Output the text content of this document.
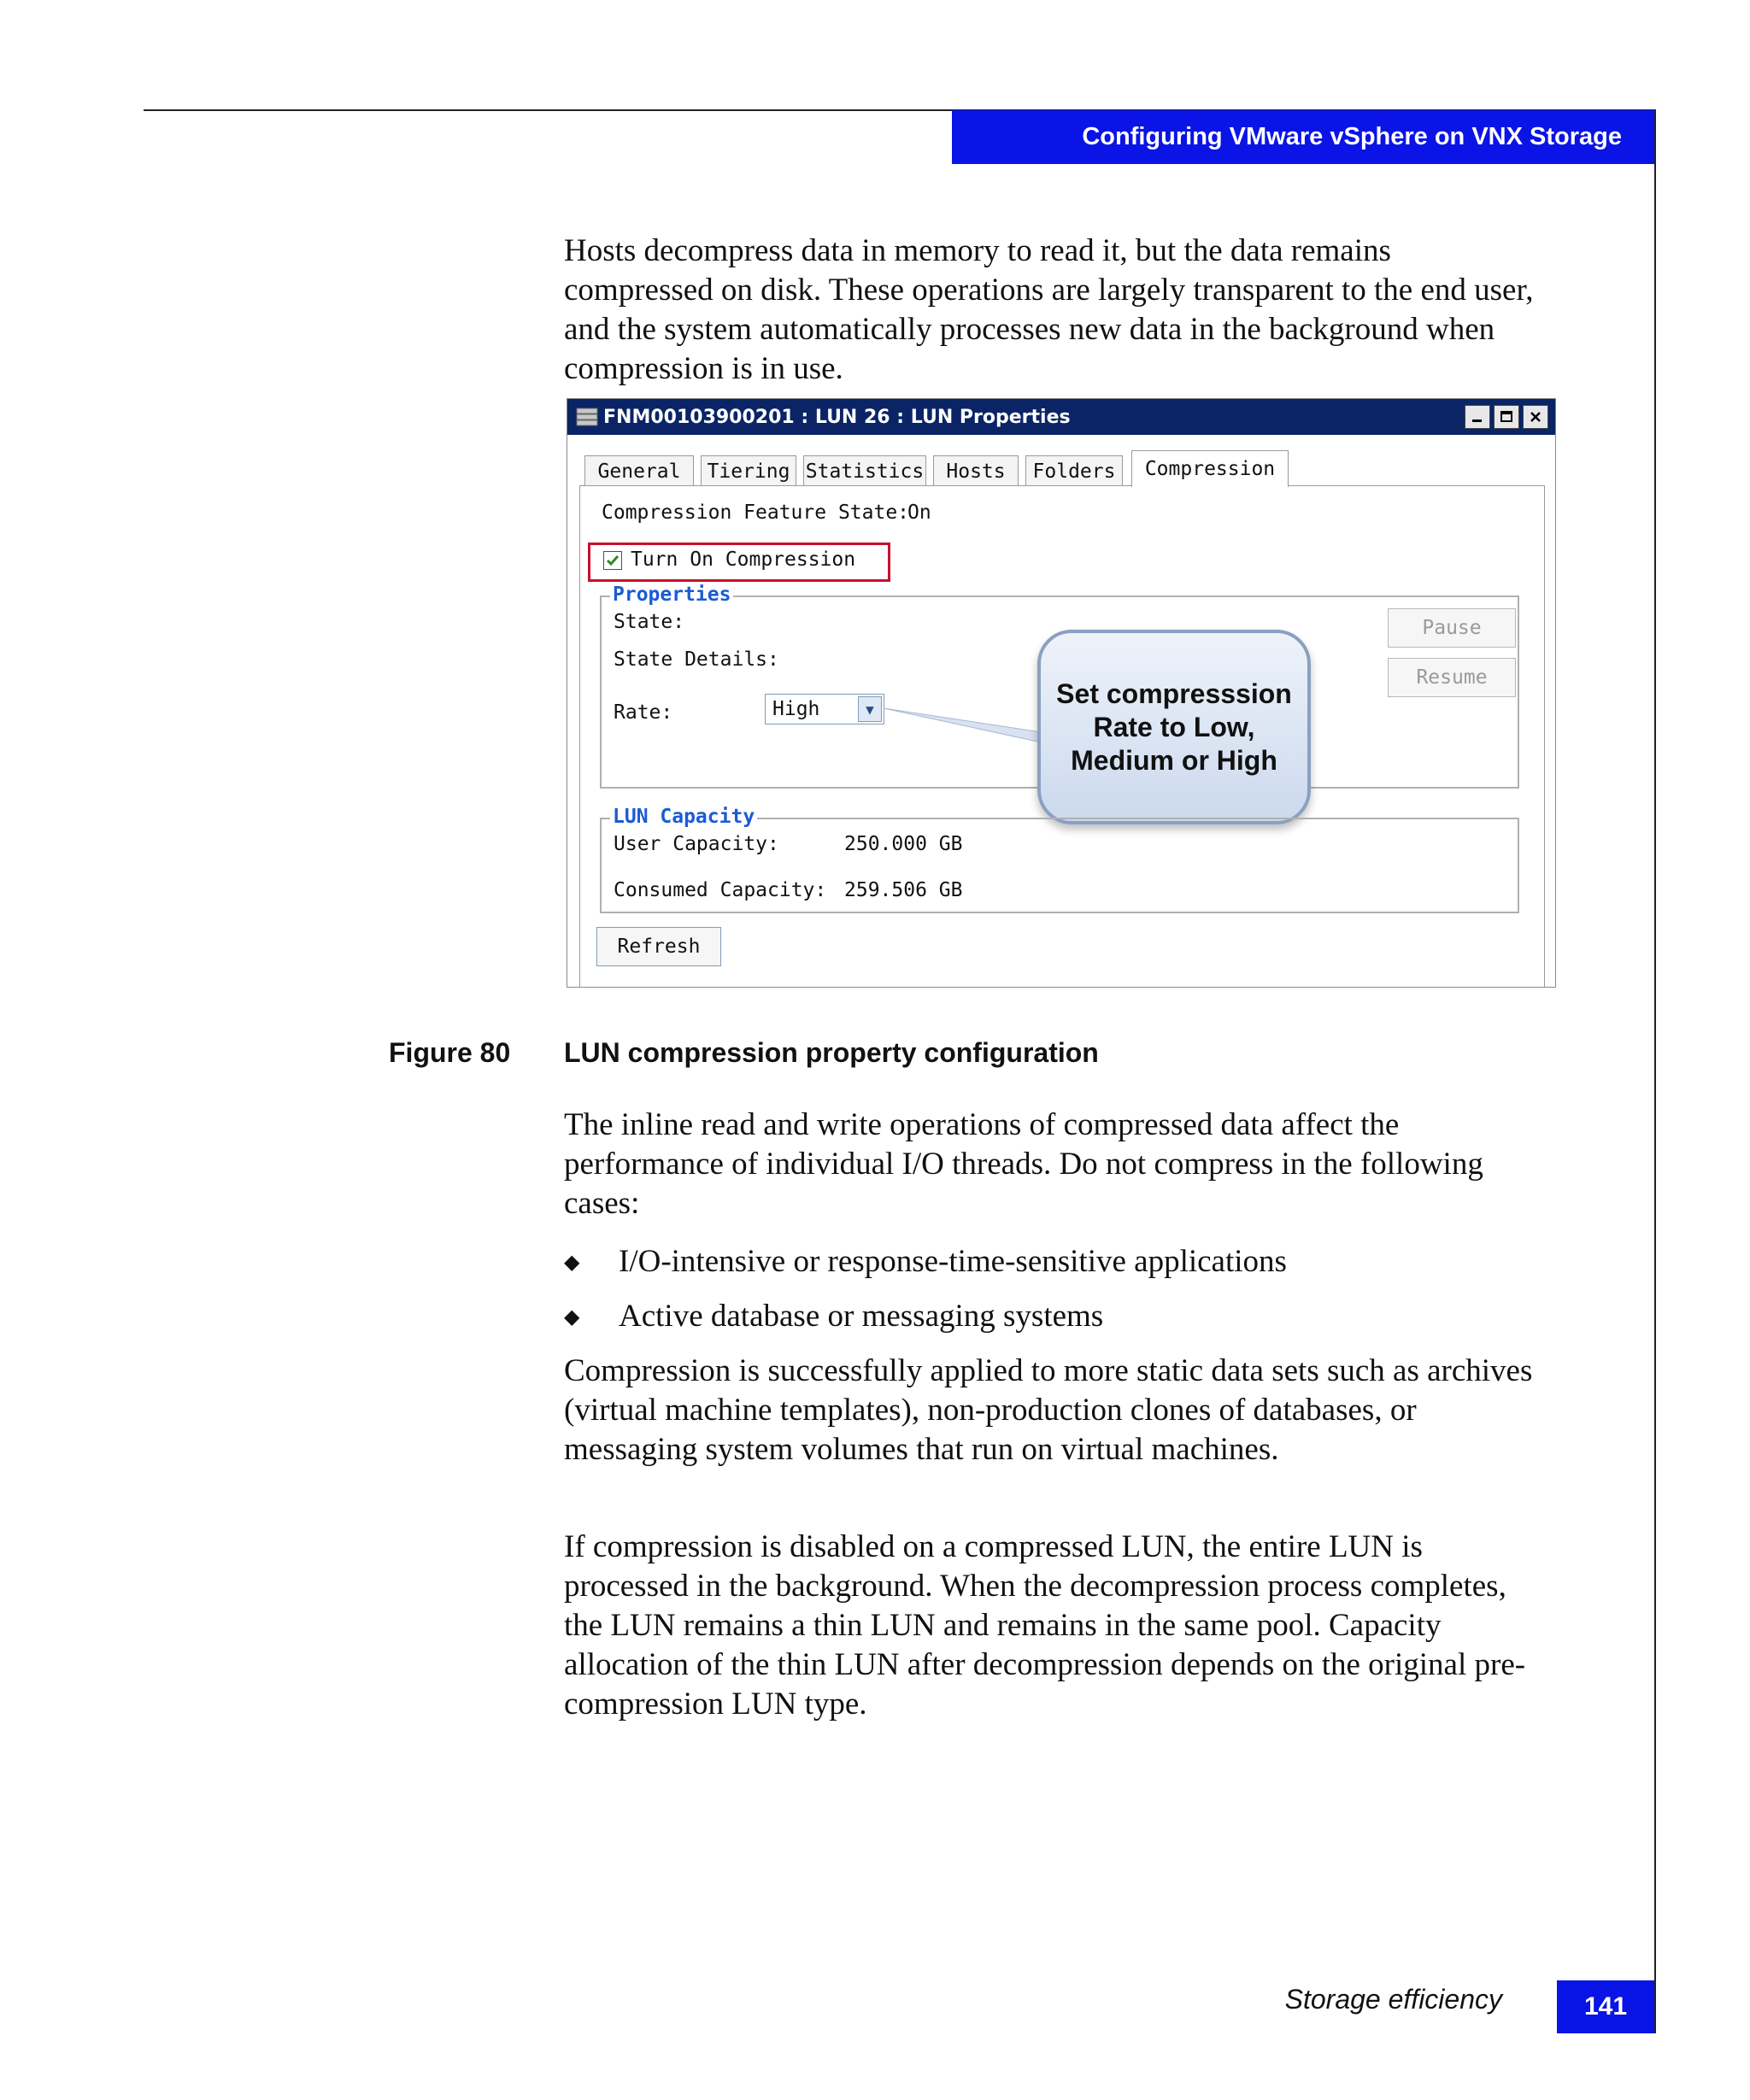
Configuring VMware vSphere on VNX Storage

Hosts decompress data in memory to read it, but the data remains compressed on disk. These operations are largely transparent to the end user, and the system automatically processes new data in the background when compression is in use.

FNM00103900201 : LUN 26 : LUN Properties
General	Tiering Statistics	Hosts	Folders	Compression
Compression Feature State:
On
Turn On Compression
Properties
State:
State Details:
Rate:	High	▼
Pause
Resume
Set compresssion Rate to Low, Medium or High
LUN Capacity
User Capacity:	250.000 GB
Consumed Capacity: 259.506 GB
Refresh
Figure 80 LUN compression property configuration

The inline read and write operations of compressed data affect the performance of individual I/O threads. Do not compress in the following cases:

◆	I/O-intensive or response-time-sensitive applications
◆	Active database or messaging systems

Compression is successfully applied to more static data sets such as archives (virtual machine templates), non-production clones of databases, or messaging system volumes that run on virtual machines.

If compression is disabled on a compressed LUN, the entire LUN is processed in the background. When the decompression process completes, the LUN remains a thin LUN and remains in the same pool. Capacity allocation of the thin LUN after decompression depends on the original pre-compression LUN type.

Storage efficiency	141
